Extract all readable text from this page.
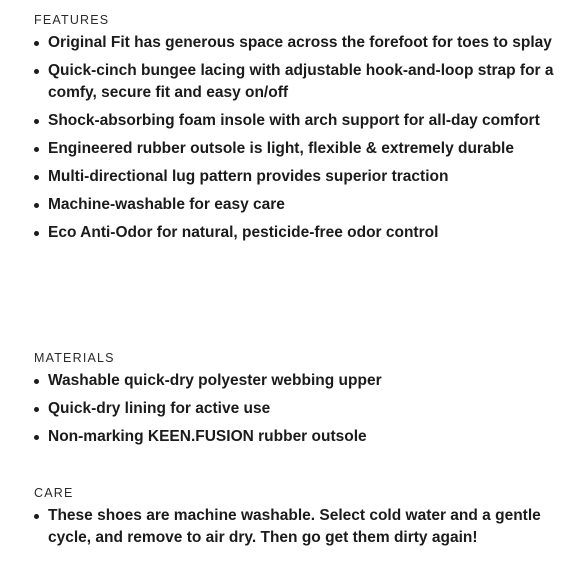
FEATURES
Original Fit has generous space across the forefoot for toes to splay
Quick-cinch bungee lacing with adjustable hook-and-loop strap for a comfy, secure fit and easy on/off
Shock-absorbing foam insole with arch support for all-day comfort
Engineered rubber outsole is light, flexible & extremely durable
Multi-directional lug pattern provides superior traction
Machine-washable for easy care
Eco Anti-Odor for natural, pesticide-free odor control
MATERIALS
Washable quick-dry polyester webbing upper
Quick-dry lining for active use
Non-marking KEEN.FUSION rubber outsole
CARE
These shoes are machine washable. Select cold water and a gentle cycle, and remove to air dry. Then go get them dirty again!
